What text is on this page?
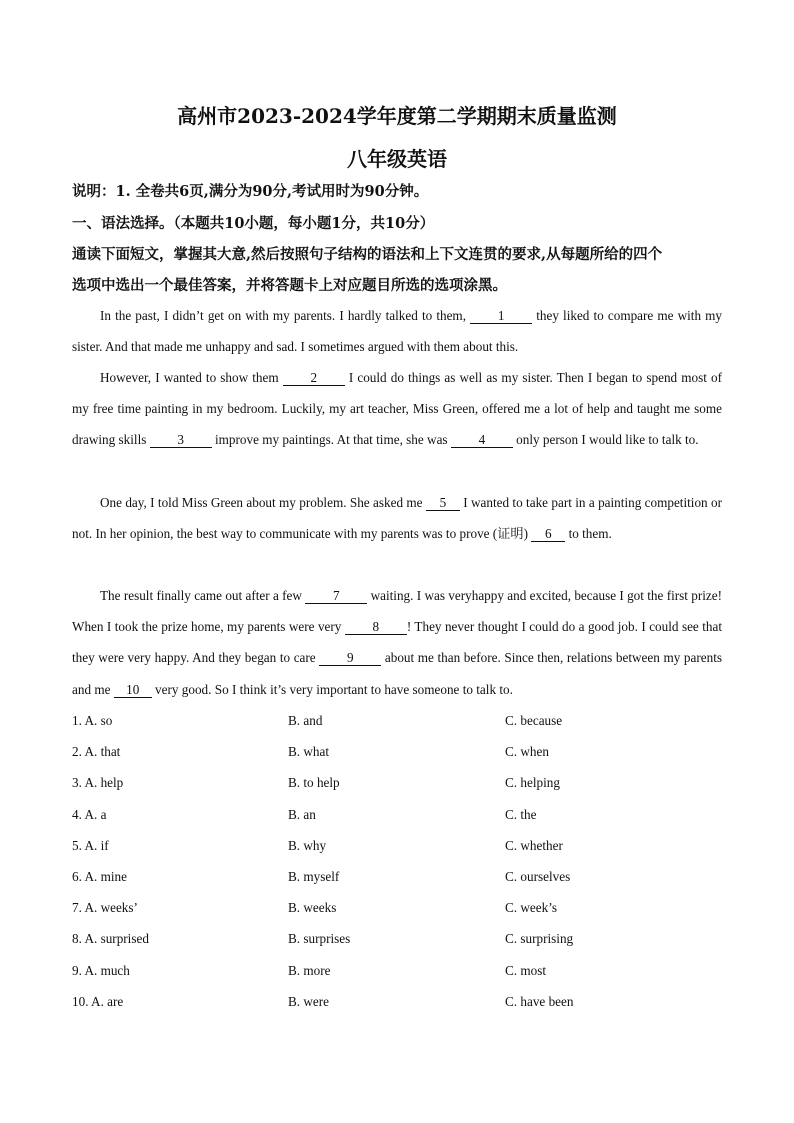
高州市2023-2024学年度第二学期期末质量监测
八年级英语
说明：1. 全卷共6页,满分为90分,考试用时为90分钟。
一、语法选择。（本题共10小题，每小题1分，共10分）
通读下面短文，掌握其大意,然后按照句子结构的语法和上下文连贯的要求,从每题所给的四个
选项中选出一个最佳答案，并将答题卡上对应题目所选的选项涂黑。
In the past, I didn’t get on with my parents. I hardly talked to them, 1 they liked to compare me with my sister. And that made me unhappy and sad. I sometimes argued with them about this.
However, I wanted to show them 2 I could do things as well as my sister. Then I began to spend most of my free time painting in my bedroom. Luckily, my art teacher, Miss Green, offered me a lot of help and taught me some drawing skills 3 improve my paintings. At that time, she was 4 only person I would like to talk to.
One day, I told Miss Green about my problem. She asked me 5 I wanted to take part in a painting competition or not. In her opinion, the best way to communicate with my parents was to prove (证明) 6 to them.
The result finally came out after a few 7 waiting. I was veryhappy and excited, because I got the first prize! When I took the prize home, my parents were very 8 ! They never thought I could do a good job. I could see that they were very happy. And they began to care 9 about me than before. Since then, relations between my parents and me 10 very good. So I think it’s very important to have someone to talk to.
1. A. so	B. and	C. because
2. A. that	B. what	C. when
3. A. help	B. to help	C. helping
4. A. a	B. an	C. the
5. A. if	B. why	C. whether
6. A. mine	B. myself	C. ourselves
7. A. weeks’	B. weeks	C. week’s
8. A. surprised	B. surprises	C. surprising
9. A. much	B. more	C. most
10. A. are	B. were	C. have been
